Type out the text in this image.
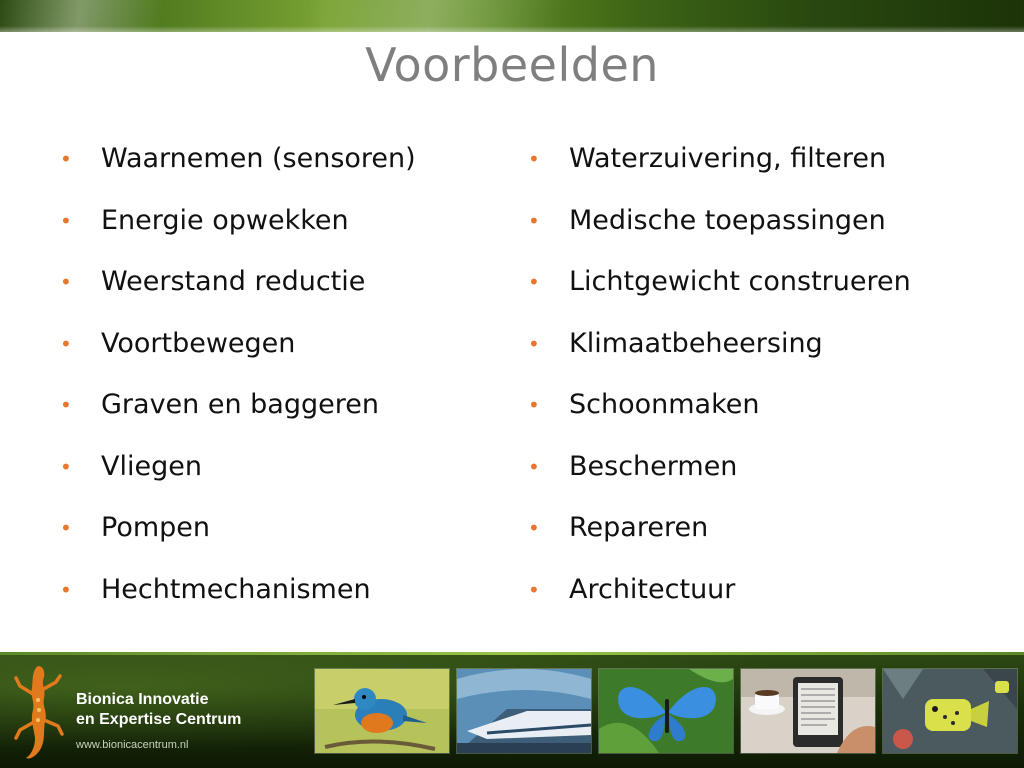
Voorbeelden
• Waarnemen (sensoren)
• Energie opwekken
• Weerstand reductie
• Voortbewegen
• Graven en baggeren
• Vliegen
• Pompen
• Hechtmechanismen
• Waterzuivering, filteren
• Medische toepassingen
• Lichtgewicht construeren
• Klimaatbeheersing
• Schoonmaken
• Beschermen
• Repareren
• Architectuur
Bionica Innovatie
en Expertise Centrum
www.bionicacentrum.nl
